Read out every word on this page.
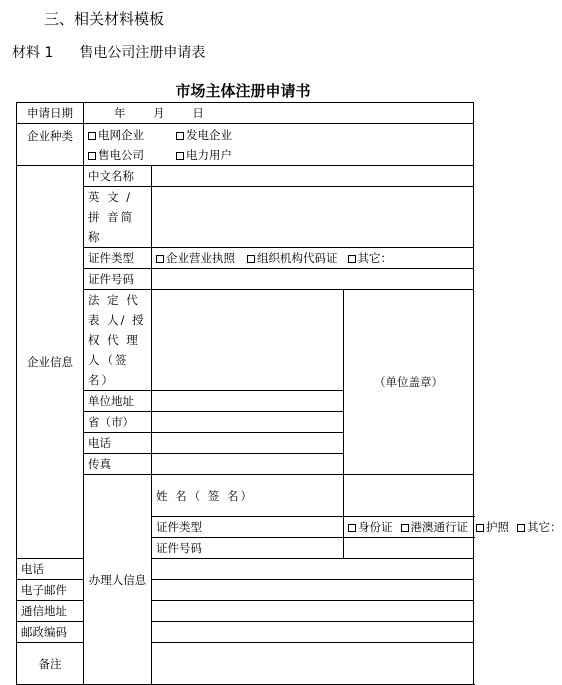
三、相关材料模板
材料 1 售电公司注册申请表
市场主体注册申请书
申请日期	年 月 日		
企业种类	电网企业 发电企业
售电公司 电力用户		

企业信息	中文名称		
	英 文 / 拼 音简称		
	证件类型	企业营业执照 组织机构代码证 其它：	
	证件号码		
	法 定 代 表 人/ 授 权 代 理 人（签名）		（单位盖章）
	单位地址		
	省（市）		
	电话		
	传真		
	办理人信息	姓 名（ 签 名）	
		证件类型	身份证 港澳通行证 护照 其它：
		证件号码	
电话			
电子邮件			
通信地址			
邮政编码			
备注			
